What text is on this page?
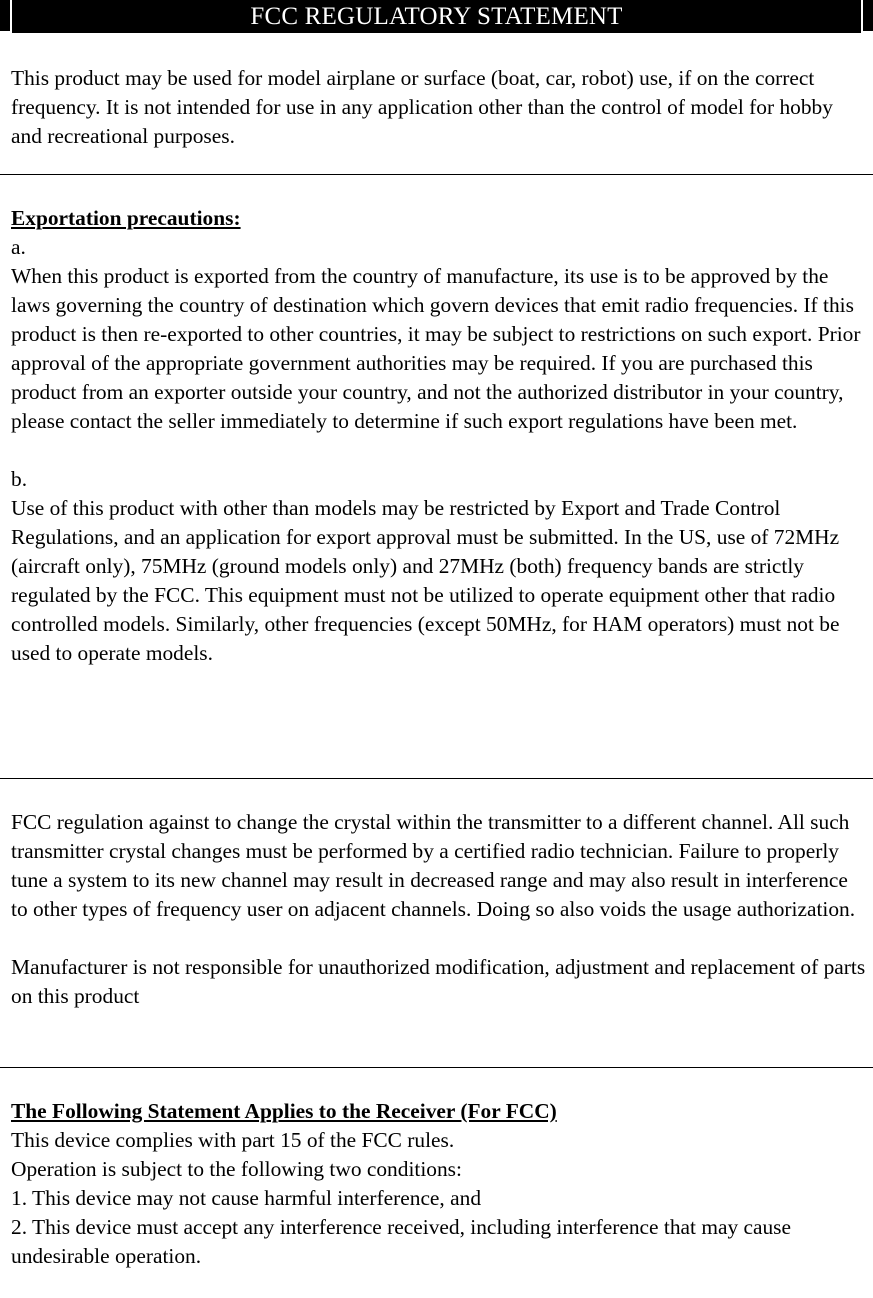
FCC REGULATORY STATEMENT

This product may be used for model airplane or surface (boat, car, robot) use, if on the correct frequency. It is not intended for use in any application other than the control of model for hobby and recreational purposes.

Exportation precautions:

a.

When this product is exported from the country of manufacture, its use is to be approved by the laws governing the country of destination which govern devices that emit radio frequencies. If this product is then re-exported to other countries, it may be subject to restrictions on such export. Prior approval of the appropriate government authorities may be required. If you are purchased this product from an exporter outside your country, and not the authorized distributor in your country, please contact the seller immediately to determine if such export regulations have been met.

b.

Use of this product with other than models may be restricted by Export and Trade Control Regulations, and an application for export approval must be submitted. In the US, use of 72MHz (aircraft only), 75MHz (ground models only) and 27MHz (both) frequency bands are strictly regulated by the FCC. This equipment must not be utilized to operate equipment other that radio controlled models. Similarly, other frequencies (except 50MHz, for HAM operators) must not be used to operate models.

FCC regulation against to change the crystal within the transmitter to a different channel. All such transmitter crystal changes must be performed by a certified radio technician. Failure to properly tune a system to its new channel may result in decreased range and may also result in interference to other types of frequency user on adjacent channels. Doing so also voids the usage authorization.

Manufacturer is not responsible for unauthorized modification, adjustment and replacement of parts on this product

The Following Statement Applies to the Receiver (For FCC)

This device complies with part 15 of the FCC rules.

Operation is subject to the following two conditions:

1. This device may not cause harmful interference, and

2. This device must accept any interference received, including interference that may cause undesirable operation.
